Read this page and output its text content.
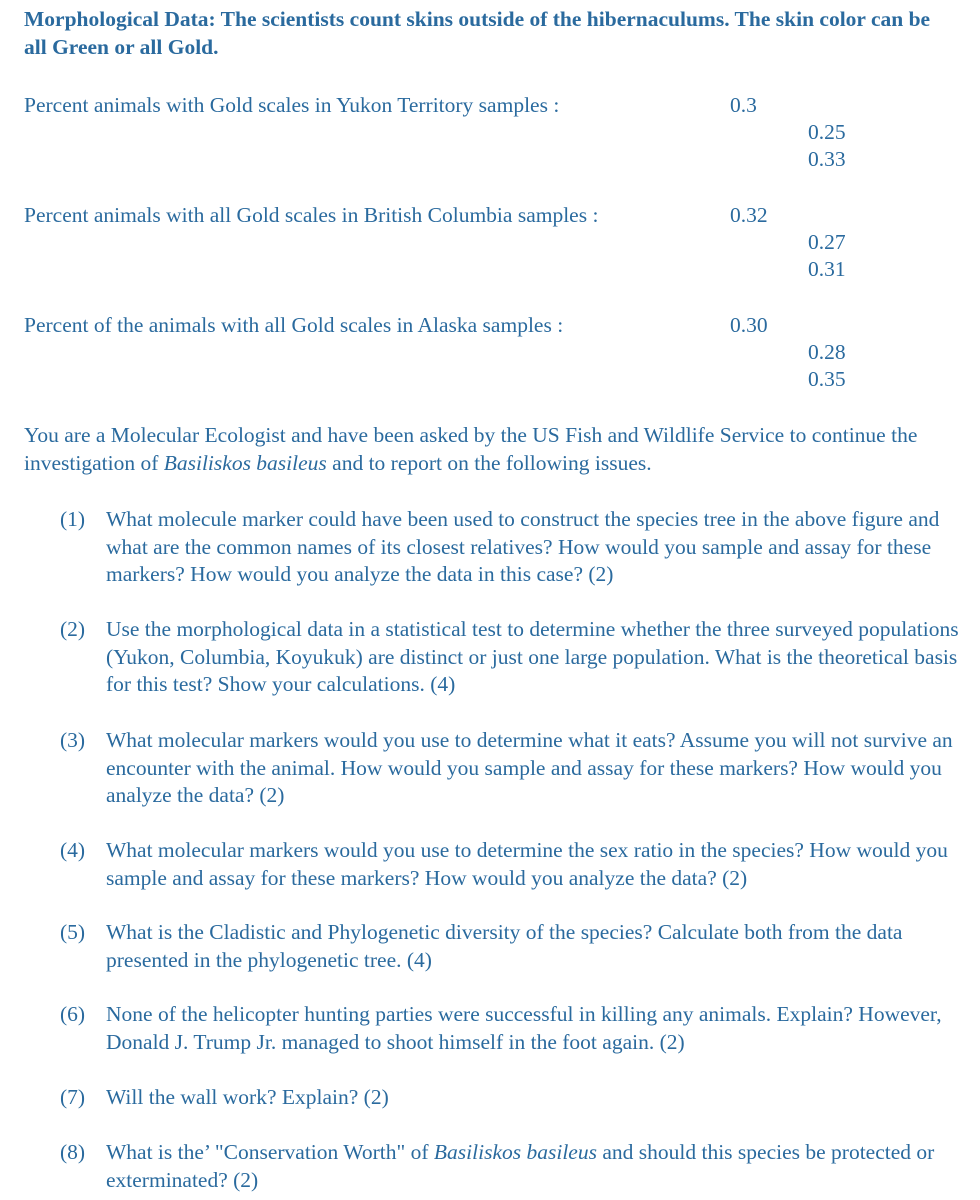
Morphological Data: The scientists count skins outside of the hibernaculums. The skin color can be all Green or all Gold.
Percent animals with Gold scales in Yukon Territory samples :	0.3
0.25
0.33
Percent animals with all Gold scales in British Columbia samples :	0.32
0.27
0.31
Percent of the animals with all Gold scales in Alaska samples :	0.30
0.28
0.35
You are a Molecular Ecologist and have been asked by the US Fish and Wildlife Service to continue the investigation of Basiliskos basileus and to report on the following issues.
(1) What molecule marker could have been used to construct the species tree in the above figure and what are the common names of its closest relatives? How would you sample and assay for these markers? How would you analyze the data in this case? (2)
(2) Use the morphological data in a statistical test to determine whether the three surveyed populations (Yukon, Columbia, Koyukuk) are distinct or just one large population. What is the theoretical basis for this test? Show your calculations. (4)
(3) What molecular markers would you use to determine what it eats? Assume you will not survive an encounter with the animal. How would you sample and assay for these markers? How would you analyze the data? (2)
(4) What molecular markers would you use to determine the sex ratio in the species? How would you sample and assay for these markers? How would you analyze the data? (2)
(5) What is the Cladistic and Phylogenetic diversity of the species? Calculate both from the data presented in the phylogenetic tree. (4)
(6) None of the helicopter hunting parties were successful in killing any animals. Explain? However, Donald J. Trump Jr. managed to shoot himself in the foot again. (2)
(7) Will the wall work? Explain? (2)
(8) What is the’ "Conservation Worth" of Basiliskos basileus and should this species be protected or exterminated? (2)
